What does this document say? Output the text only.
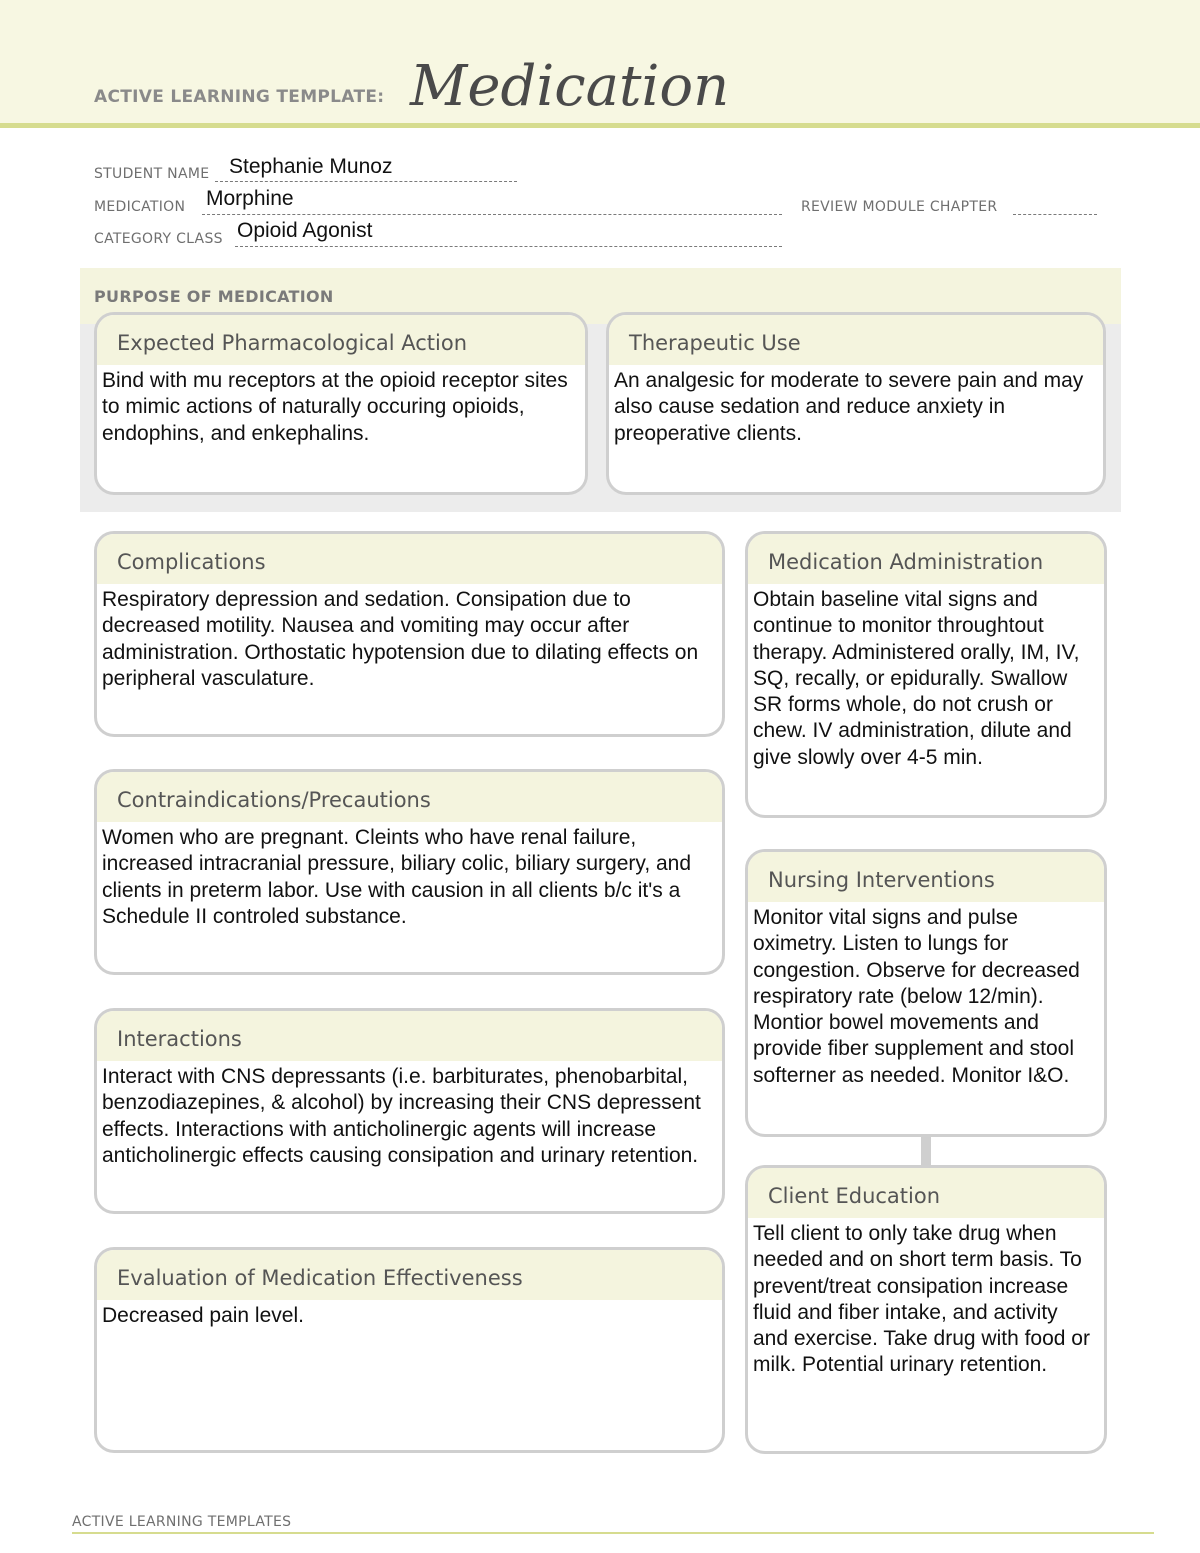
ACTIVE LEARNING TEMPLATE: Medication
STUDENT NAME Stephanie Munoz
MEDICATION Morphine	REVIEW MODULE CHAPTER
CATEGORY CLASS Opioid Agonist
PURPOSE OF MEDICATION
Expected Pharmacological Action
Bind with mu receptors at the opioid receptor sites to mimic actions of naturally occuring opioids, endophins, and enkephalins.
Therapeutic Use
An analgesic for moderate to severe pain and may also cause sedation and reduce anxiety in preoperative clients.
Complications
Respiratory depression and sedation. Consipation due to decreased motility. Nausea and vomiting may occur after administration. Orthostatic hypotension due to dilating effects on peripheral vasculature.
Contraindications/Precautions
Women who are pregnant. Cleints who have renal failure, increased intracranial pressure, biliary colic, biliary surgery, and clients in preterm labor. Use with causion in all clients b/c it's a Schedule II controled substance.
Interactions
Interact with CNS depressants (i.e. barbiturates, phenobarbital, benzodiazepines, & alcohol) by increasing their CNS depressent effects. Interactions with anticholinergic agents will increase anticholinergic effects causing consipation and urinary retention.
Evaluation of Medication Effectiveness
Decreased pain level.
Medication Administration
Obtain baseline vital signs and continue to monitor throughtout therapy. Administered orally, IM, IV, SQ, recally, or epidurally. Swallow SR forms whole, do not crush or chew. IV administration, dilute and give slowly over 4-5 min.
Nursing Interventions
Monitor vital signs and pulse oximetry. Listen to lungs for congestion. Observe for decreased respiratory rate (below 12/min). Montior bowel movements and provide fiber supplement and stool softerner as needed. Monitor I&O.
Client Education
Tell client to only take drug when needed and on short term basis. To prevent/treat consipation increase fluid and fiber intake, and activity and exercise. Take drug with food or milk. Potential urinary retention.
ACTIVE LEARNING TEMPLATES
